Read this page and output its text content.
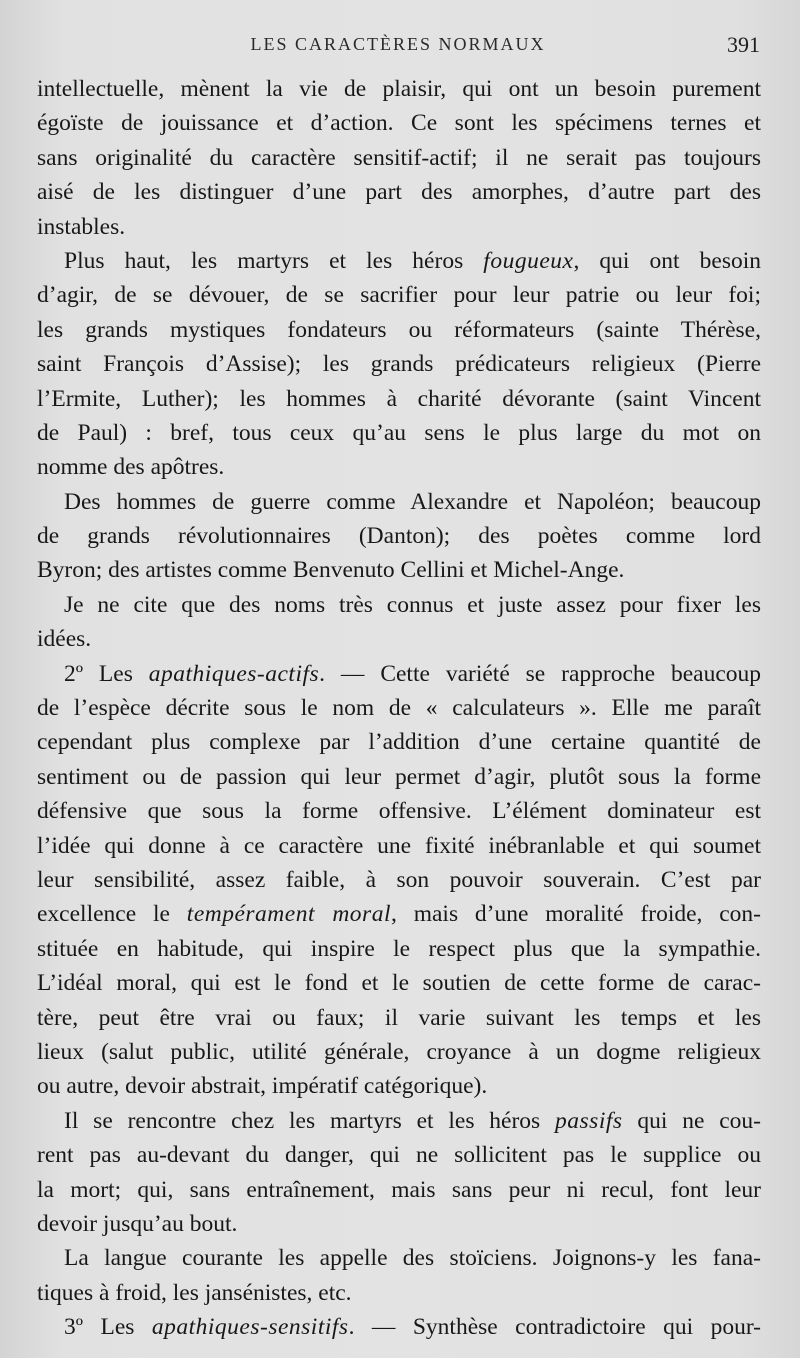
LES CARACTÈRES NORMAUX	391
intellectuelle, mènent la vie de plaisir, qui ont un besoin purement
égoïste de jouissance et d’action. Ce sont les spécimens ternes et
sans originalité du caractère sensitif-actif; il ne serait pas toujours
aisé de les distinguer d’une part des amorphes, d’autre part des
instables.
Plus haut, les martyrs et les héros fougueux, qui ont besoin
d’agir, de se dévouer, de se sacrifier pour leur patrie ou leur foi;
les grands mystiques fondateurs ou réformateurs (sainte Thérèse,
saint François d’Assise); les grands prédicateurs religieux (Pierre
l’Ermite, Luther); les hommes à charité dévorante (saint Vincent
de Paul) : bref, tous ceux qu’au sens le plus large du mot on
nomme des apôtres.
Des hommes de guerre comme Alexandre et Napoléon; beaucoup
de grands révolutionnaires (Danton); des poètes comme lord
Byron; des artistes comme Benvenuto Cellini et Michel-Ange.
Je ne cite que des noms très connus et juste assez pour fixer les
idées.
2º Les apathiques-actifs. — Cette variété se rapproche beaucoup
de l’espèce décrite sous le nom de « calculateurs ». Elle me paraît
cependant plus complexe par l’addition d’une certaine quantité de
sentiment ou de passion qui leur permet d’agir, plutôt sous la forme
défensive que sous la forme offensive. L’élément dominateur est
l’idée qui donne à ce caractère une fixité inébranlable et qui soumet
leur sensibilité, assez faible, à son pouvoir souverain. C’est par
excellence le tempérament moral, mais d’une moralité froide, con-
stituée en habitude, qui inspire le respect plus que la sympathie.
L’idéal moral, qui est le fond et le soutien de cette forme de carac-
tère, peut être vrai ou faux; il varie suivant les temps et les
lieux (salut public, utilité générale, croyance à un dogme religieux
ou autre, devoir abstrait, impératif catégorique).
Il se rencontre chez les martyrs et les héros passifs qui ne cou-
rent pas au-devant du danger, qui ne sollicitent pas le supplice ou
la mort; qui, sans entraînement, mais sans peur ni recul, font leur
devoir jusqu’au bout.
La langue courante les appelle des stoïciens. Joignons-y les fana-
tiques à froid, les jansénistes, etc.
3º Les apathiques-sensitifs. — Synthèse contradictoire qui pour-
